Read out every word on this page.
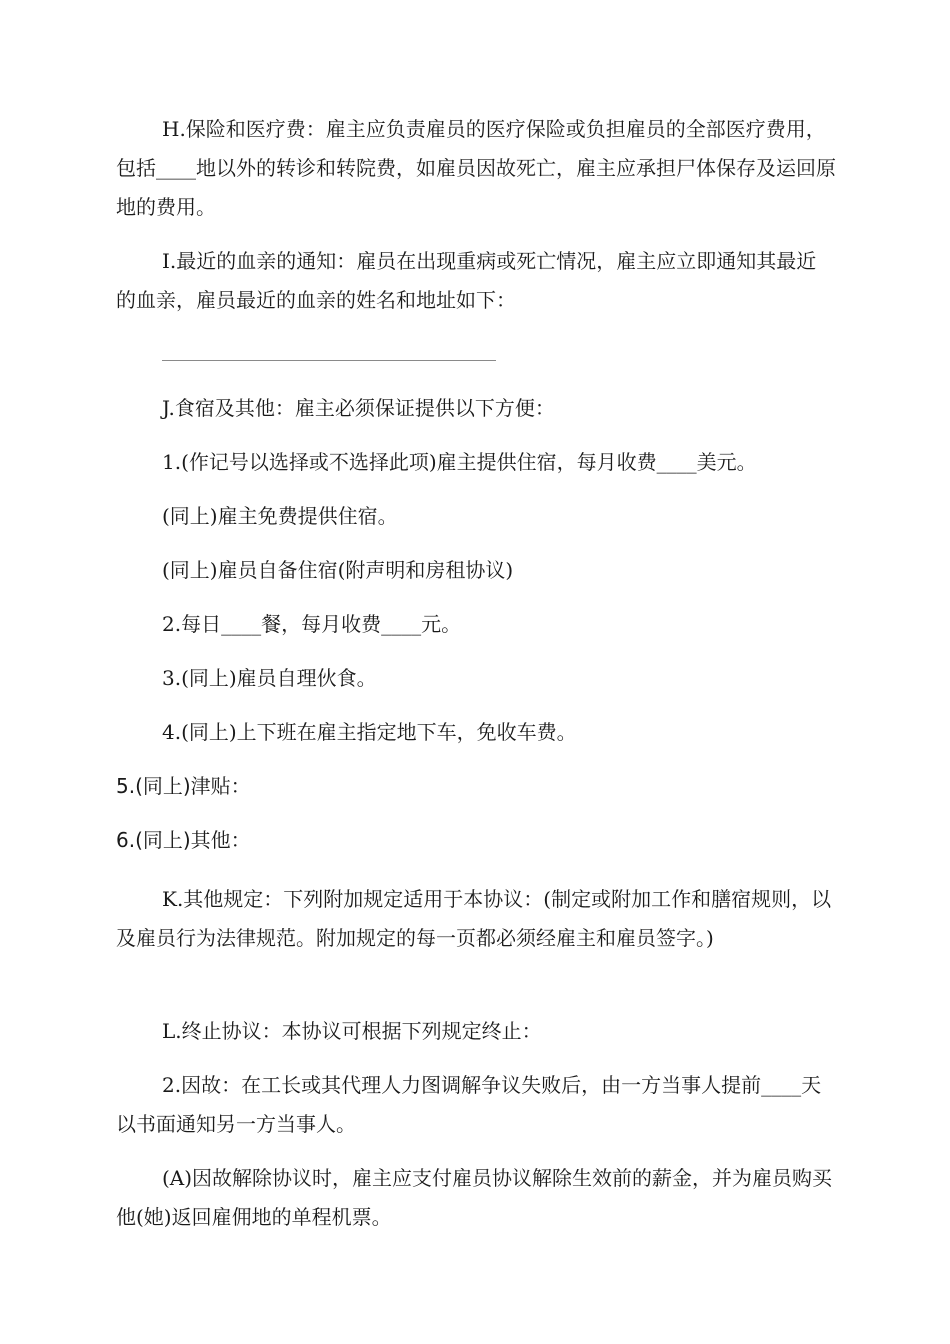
H.保险和医疗费：雇主应负责雇员的医疗保险或负担雇员的全部医疗费用，包括____地以外的转诊和转院费，如雇员因故死亡，雇主应承担尸体保存及运回原地的费用。

I.最近的血亲的通知：雇员在出现重病或死亡情况，雇主应立即通知其最近的血亲，雇员最近的血亲的姓名和地址如下：

J.食宿及其他：雇主必须保证提供以下方便：

1.(作记号以选择或不选择此项)雇主提供住宿，每月收费____美元。

(同上)雇主免费提供住宿。

(同上)雇员自备住宿(附声明和房租协议)

2.每日____餐，每月收费____元。

3.(同上)雇员自理伙食。

4.(同上)上下班在雇主指定地下车，免收车费。

5.(同上)津贴：

6.(同上)其他：

K.其他规定：下列附加规定适用于本协议：(制定或附加工作和膳宿规则，以及雇员行为法律规范。附加规定的每一页都必须经雇主和雇员签字。)

L.终止协议：本协议可根据下列规定终止：

2.因故：在工长或其代理人力图调解争议失败后，由一方当事人提前____天以书面通知另一方当事人。

(A)因故解除协议时，雇主应支付雇员协议解除生效前的薪金，并为雇员购买他(她)返回雇佣地的单程机票。
